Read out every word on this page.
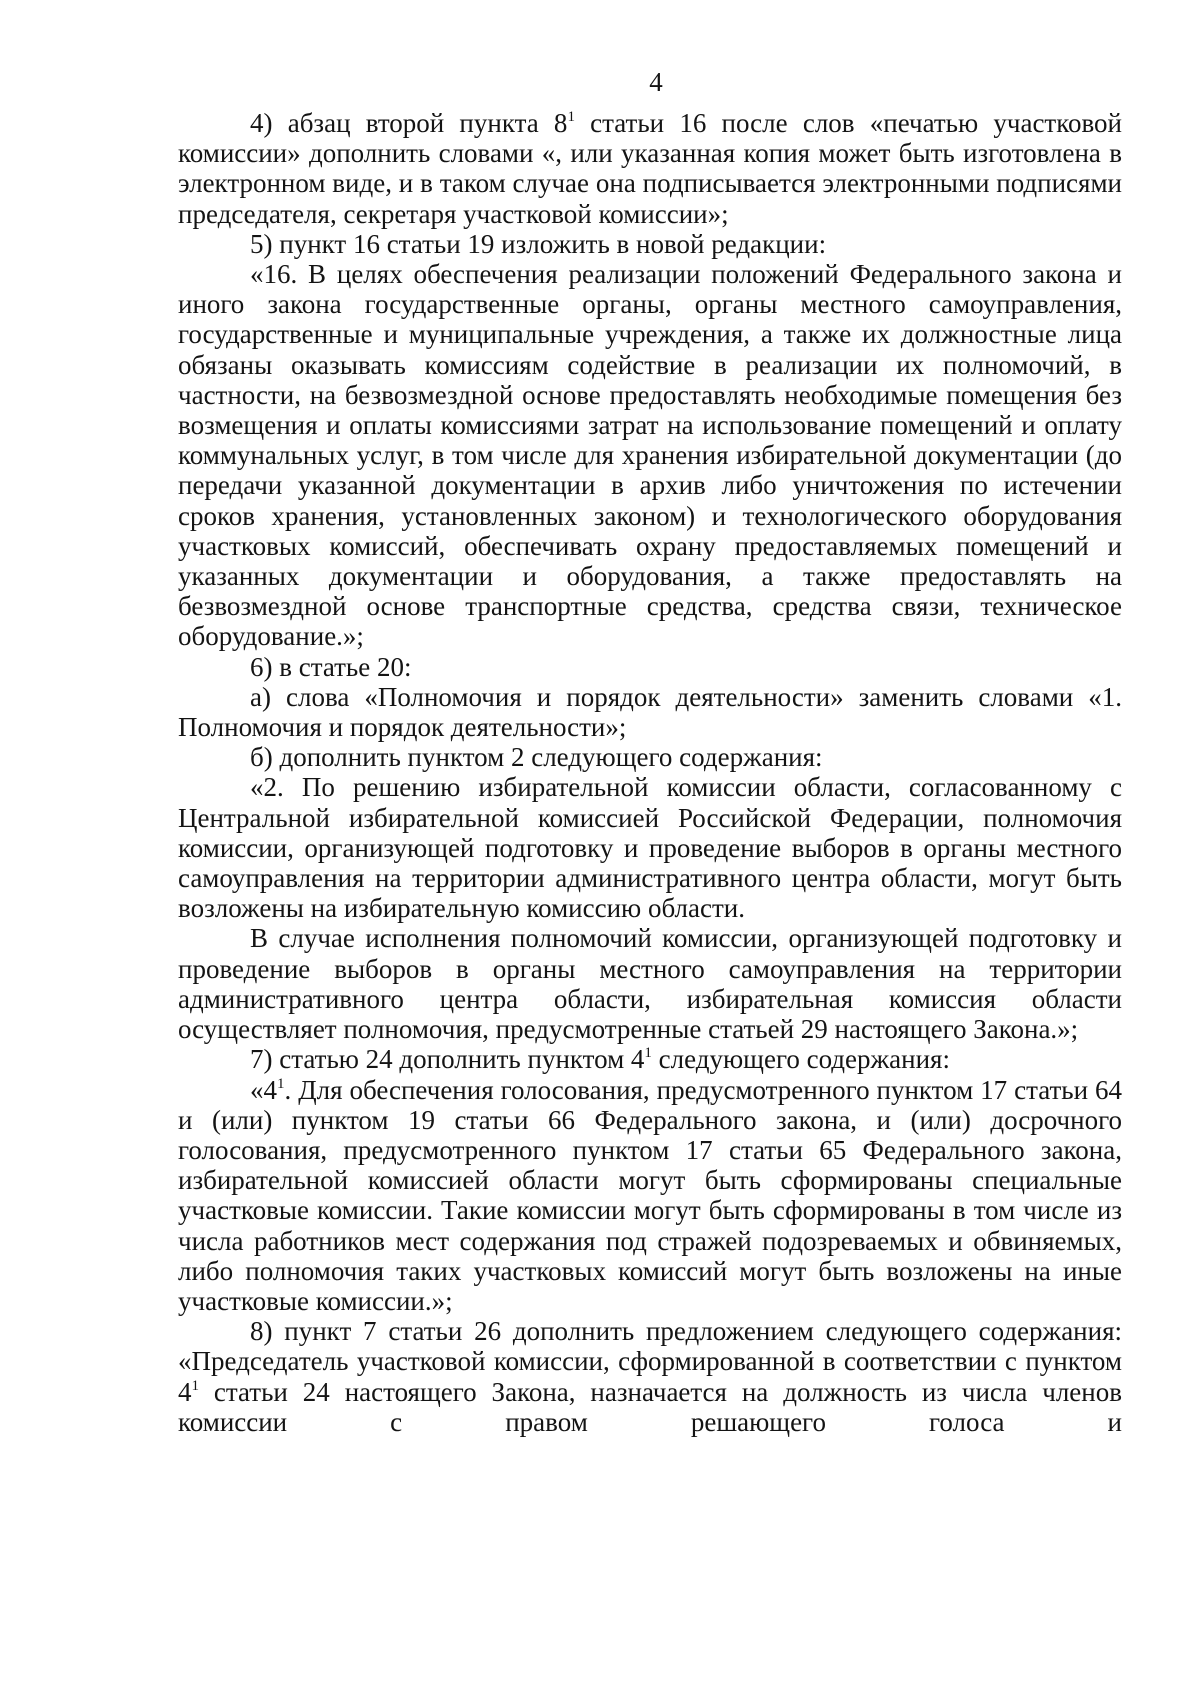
4

4) абзац второй пункта $8^1$ статьи 16 после слов «печатью участковой комиссии» дополнить словами «, или указанная копия может быть изготовлена в электронном виде, и в таком случае она подписывается электронными подписями председателя, секретаря участковой комиссии»;

5) пункт 16 статьи 19 изложить в новой редакции:

«16. В целях обеспечения реализации положений Федерального закона и иного закона государственные органы, органы местного самоуправления, государственные и муниципальные учреждения, а также их должностные лица обязаны оказывать комиссиям содействие в реализации их полномочий, в частности, на безвозмездной основе предоставлять необходимые помещения без возмещения и оплаты комиссиями затрат на использование помещений и оплату коммунальных услуг, в том числе для хранения избирательной документации (до передачи указанной документации в архив либо уничтожения по истечении сроков хранения, установленных законом) и технологического оборудования участковых комиссий, обеспечивать охрану предоставляемых помещений и указанных документации и оборудования, а также предоставлять на безвозмездной основе транспортные средства, средства связи, техническое оборудование.»;

6) в статье 20:

а) слова «Полномочия и порядок деятельности» заменить словами «1. Полномочия и порядок деятельности»;

б) дополнить пунктом 2 следующего содержания:

«2. По решению избирательной комиссии области, согласованному с Центральной избирательной комиссией Российской Федерации, полномочия комиссии, организующей подготовку и проведение выборов в органы местного самоуправления на территории административного центра области, могут быть возложены на избирательную комиссию области.

В случае исполнения полномочий комиссии, организующей подготовку и проведение выборов в органы местного самоуправления на территории административного центра области, избирательная комиссия области осуществляет полномочия, предусмотренные статьей 29 настоящего Закона.»;

7) статью 24 дополнить пунктом $4^1$ следующего содержания:

«$4^1$. Для обеспечения голосования, предусмотренного пунктом 17 статьи 64 и (или) пунктом 19 статьи 66 Федерального закона, и (или) досрочного голосования, предусмотренного пунктом 17 статьи 65 Федерального закона, избирательной комиссией области могут быть сформированы специальные участковые комиссии. Такие комиссии могут быть сформированы в том числе из числа работников мест содержания под стражей подозреваемых и обвиняемых, либо полномочия таких участковых комиссий могут быть возложены на иные участковые комиссии.»;

8) пункт 7 статьи 26 дополнить предложением следующего содержания: «Председатель участковой комиссии, сформированной в соответствии с пунктом $4^1$ статьи 24 настоящего Закона, назначается на должность из числа членов комиссии с правом решающего голоса и
